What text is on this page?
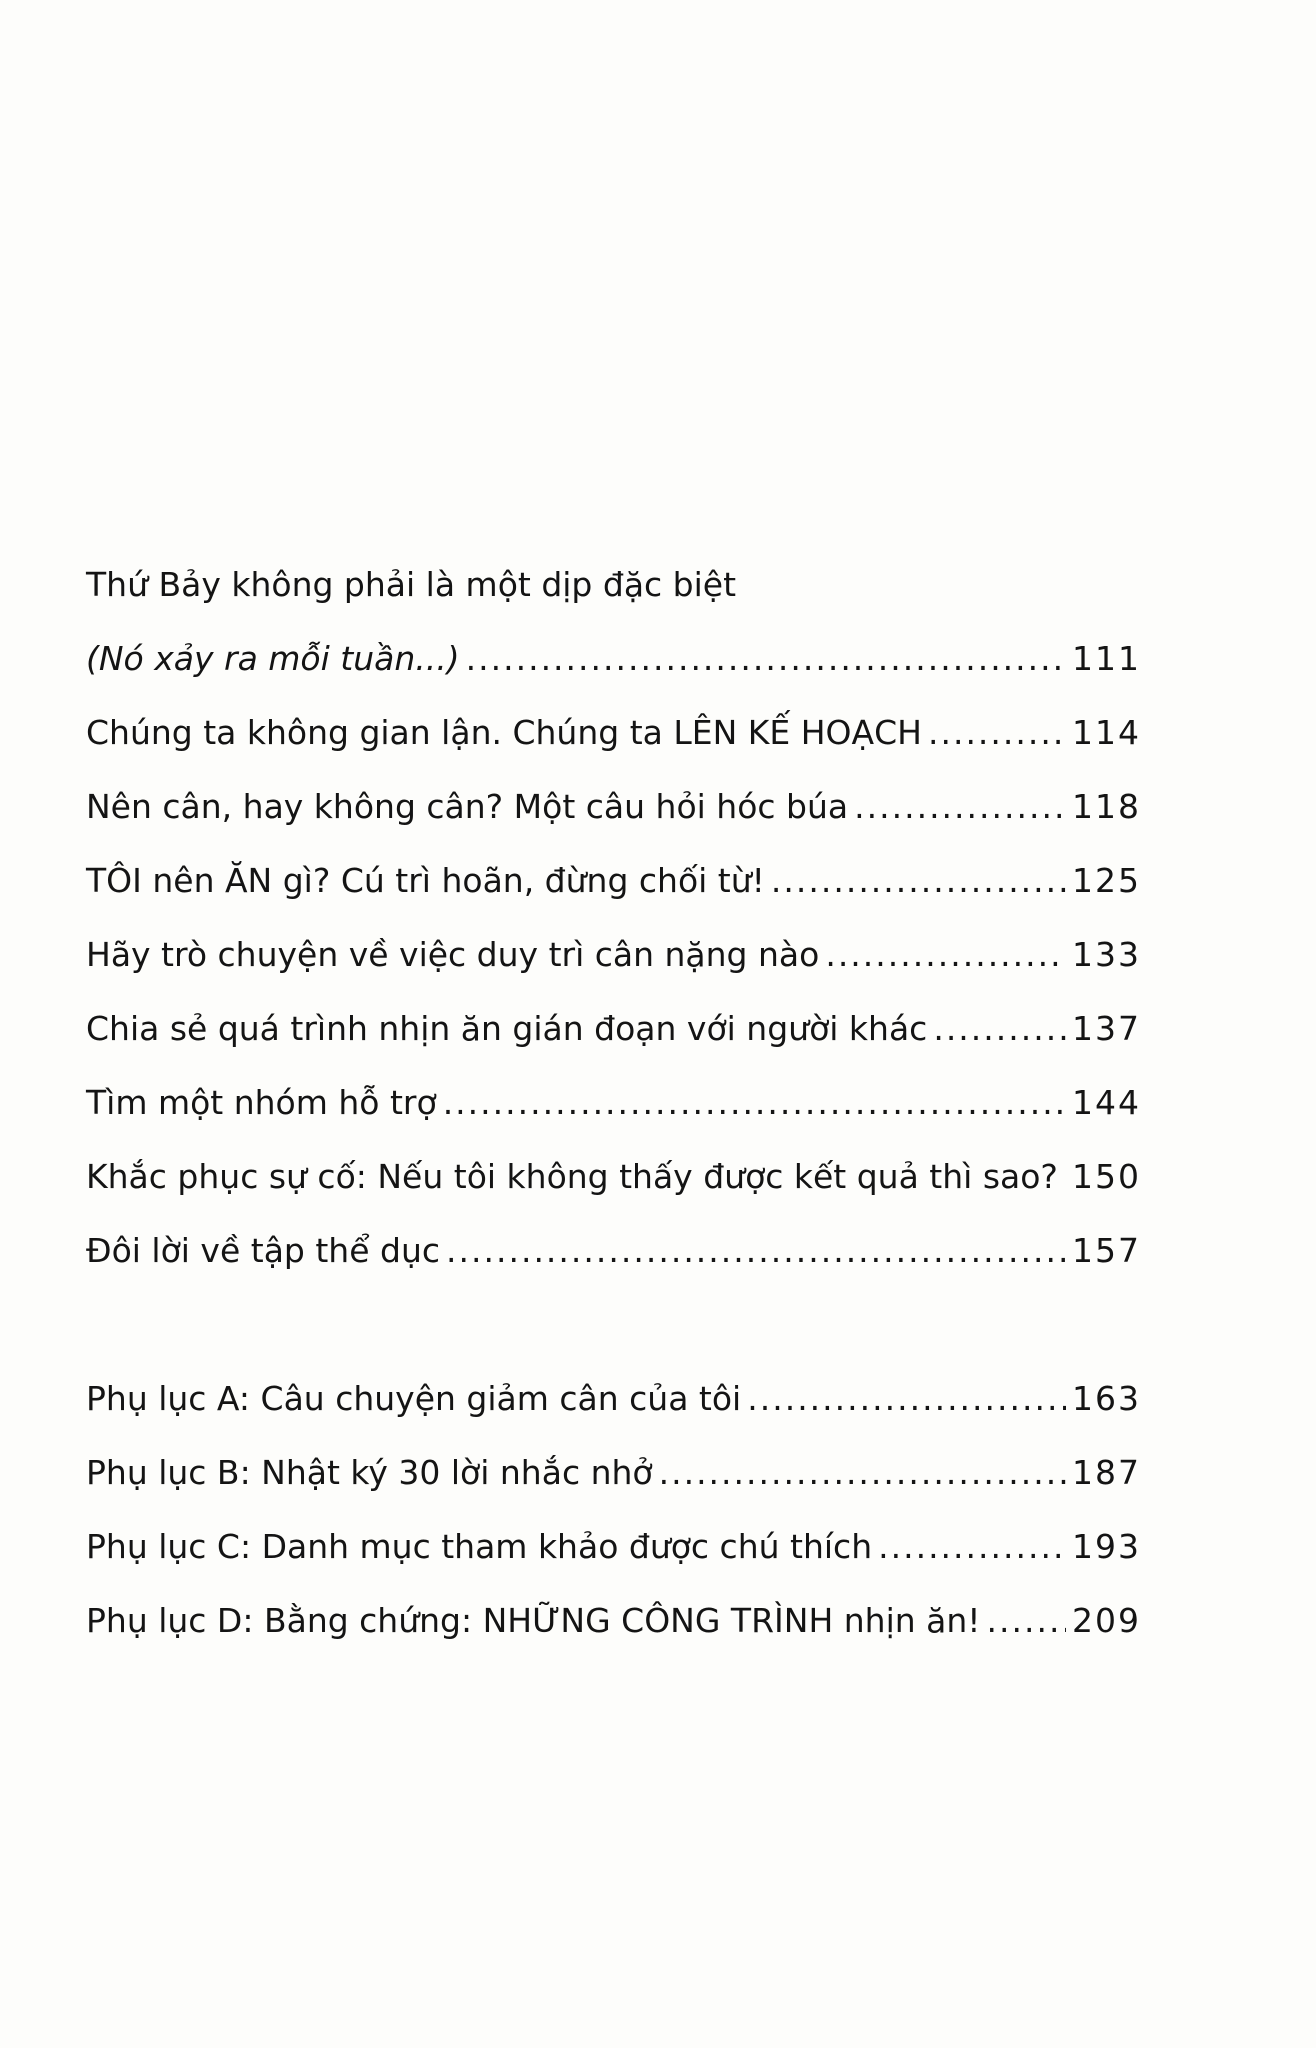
Thứ Bảy không phải là một dịp đặc biệt
(Nó xảy ra mỗi tuần...) .....	111
Chúng ta không gian lận. Chúng ta LÊN KẾ HOẠCH .....	114
Nên cân, hay không cân? Một câu hỏi hóc búa .....	118
TÔI nên ĂN gì? Cú trì hoãn, đừng chối từ! .....	125
Hãy trò chuyện về việc duy trì cân nặng nào .....	133
Chia sẻ quá trình nhịn ăn gián đoạn với người khác .....	137
Tìm một nhóm hỗ trợ .....	144
Khắc phục sự cố: Nếu tôi không thấy được kết quả thì sao? ..... 150
Đôi lời về tập thể dục .....	157
Phụ lục A: Câu chuyện giảm cân của tôi .....	163
Phụ lục B: Nhật ký 30 lời nhắc nhở .....	187
Phụ lục C: Danh mục tham khảo được chú thích .....	193
Phụ lục D: Bằng chứng: NHỮNG CÔNG TRÌNH nhịn ăn! .....	209
